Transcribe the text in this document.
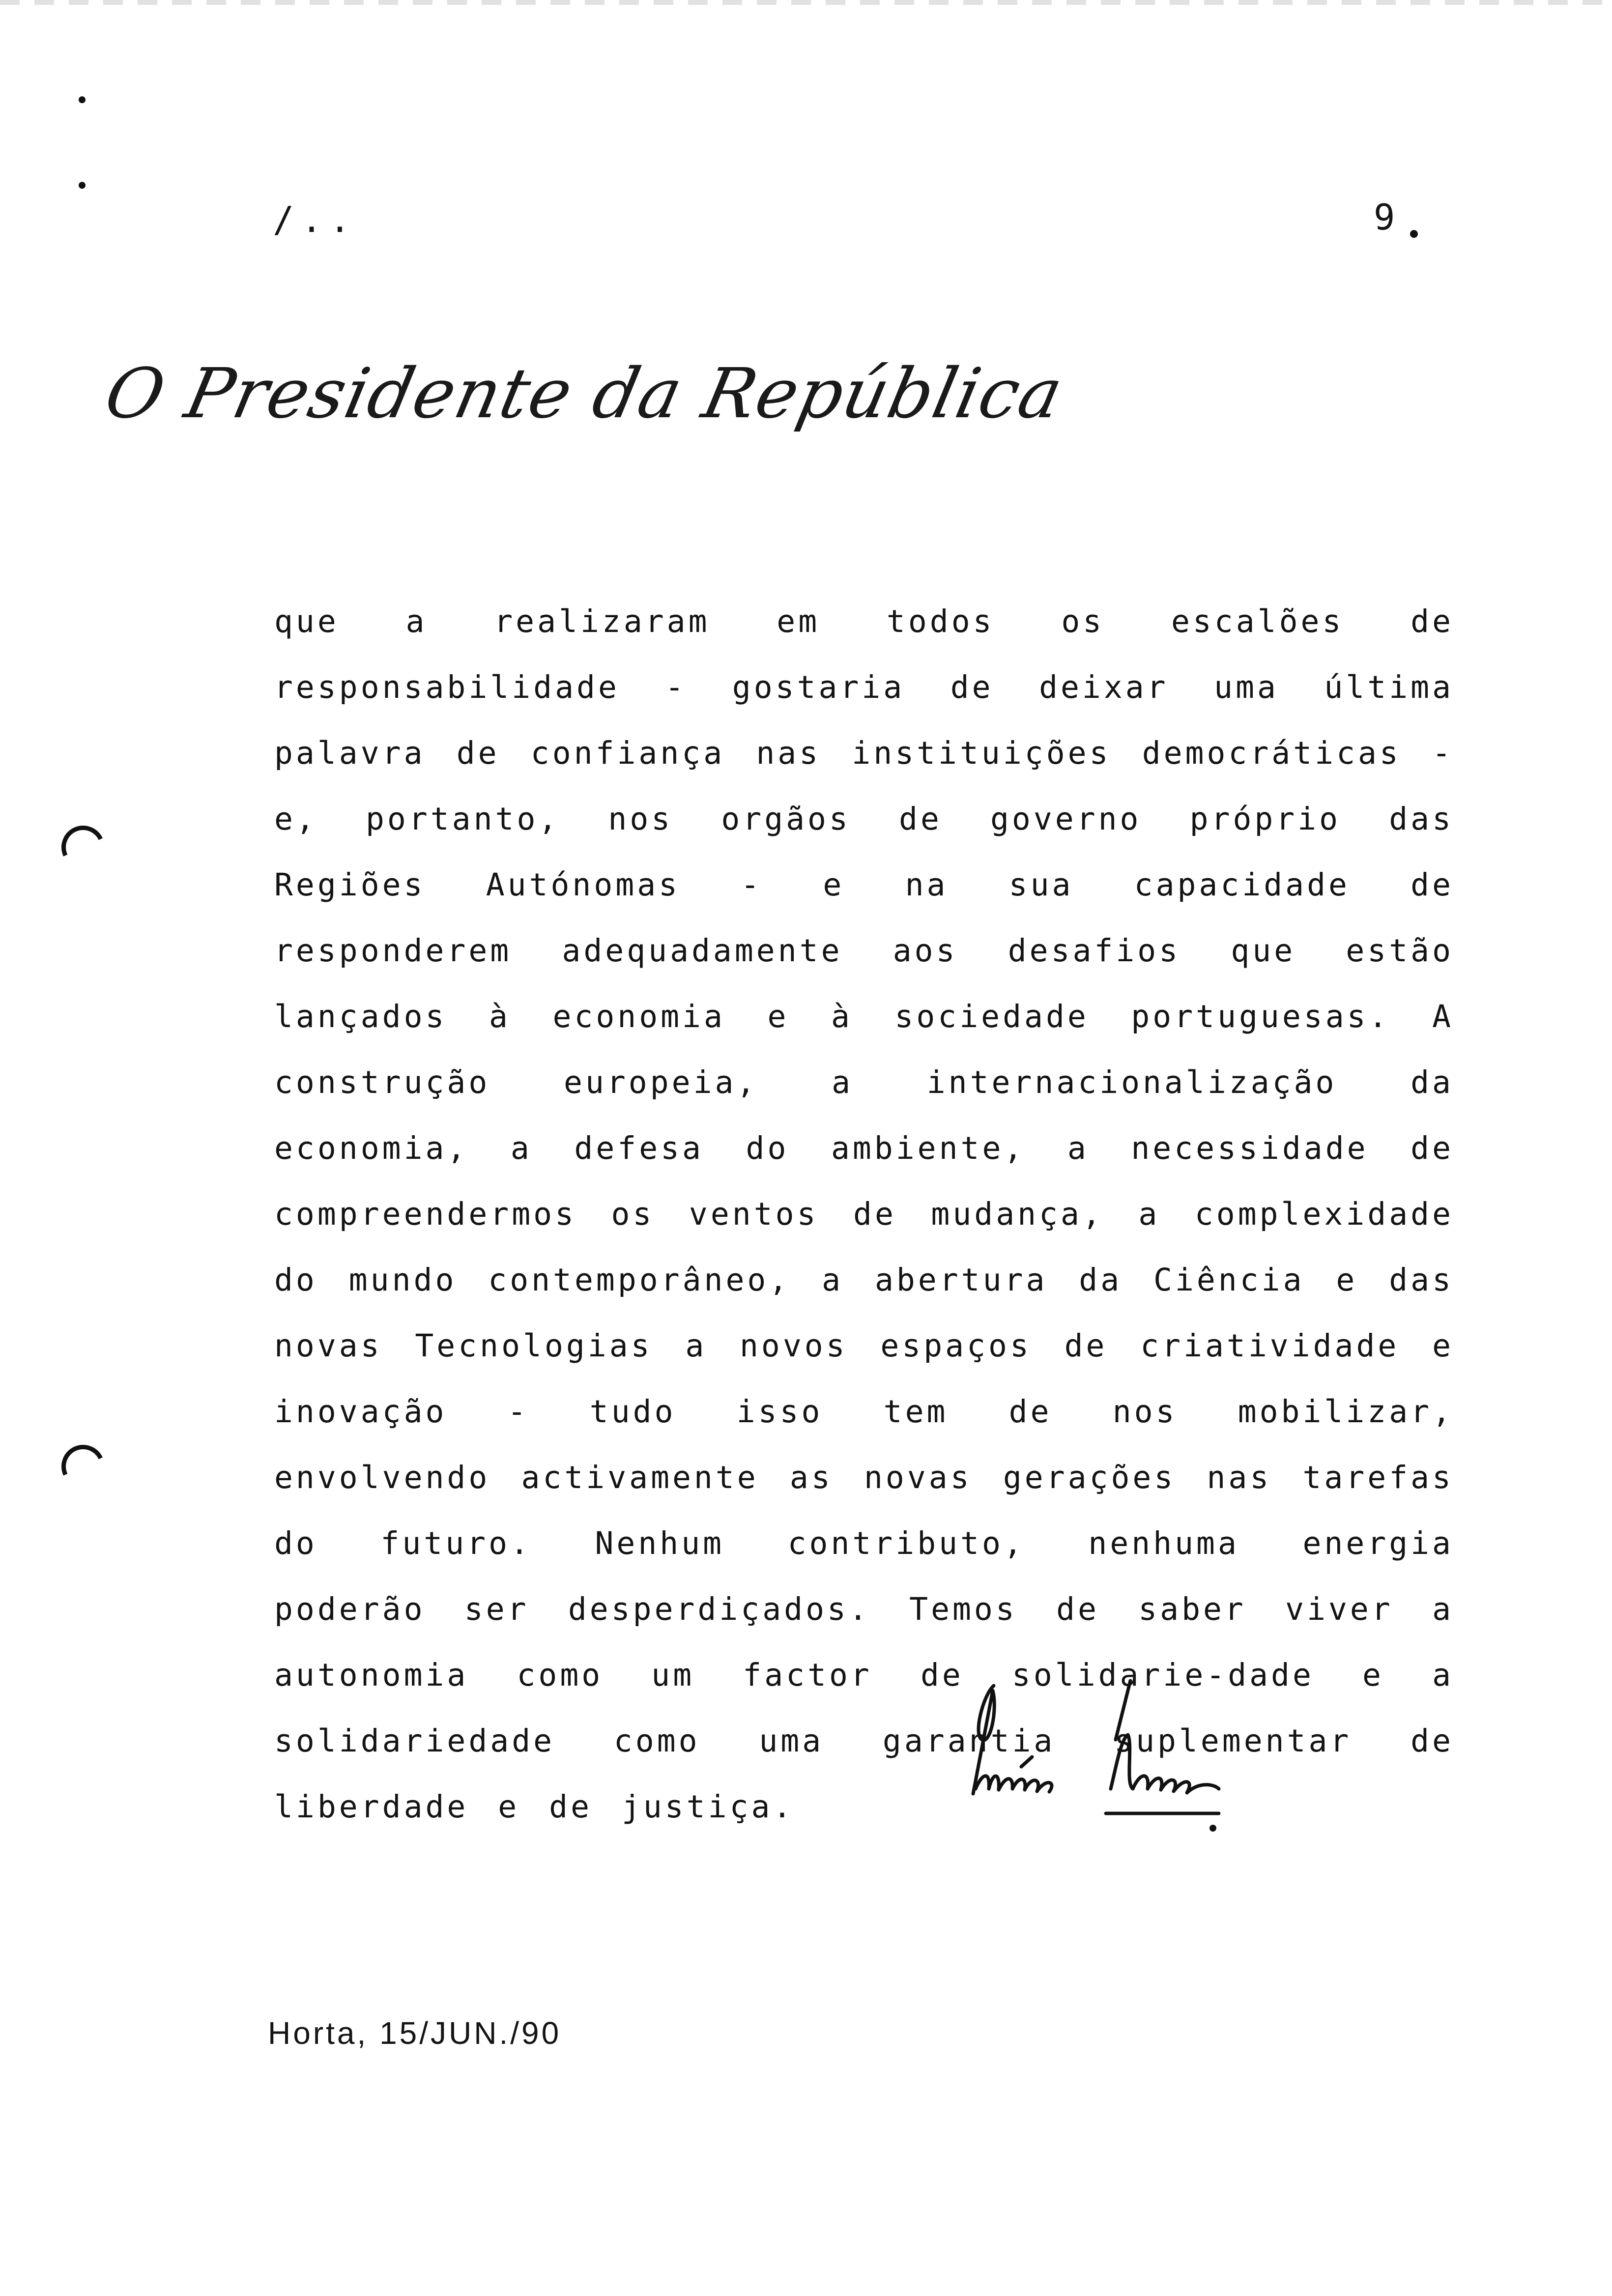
/..	9
O Presidente da República

que a realizaram em todos os escalões de responsabilidade - gostaria de deixar uma última palavra de confiança nas instituições democráticas - e, portanto, nos orgãos de governo próprio das Regiões Autónomas - e na sua capacidade de responderem adequadamente aos desafios que estão lançados à economia e à sociedade portuguesas. A construção europeia, a internacionalização da economia, a defesa do ambiente, a necessidade de compreendermos os ventos de mudança, a complexidade do mundo contemporâneo, a abertura da Ciência e das novas Tecnologias a novos espaços de criatividade e inovação - tudo isso tem de nos mobilizar, envolvendo activamente as novas gerações nas tarefas do futuro. Nenhum contributo, nenhuma energia poderão ser desperdiçados. Temos de saber viver a autonomia como um factor de solidarie-dade e a solidariedade como uma garantia suplementar de liberdade e de justiça.

Horta, 15/JUN./90
